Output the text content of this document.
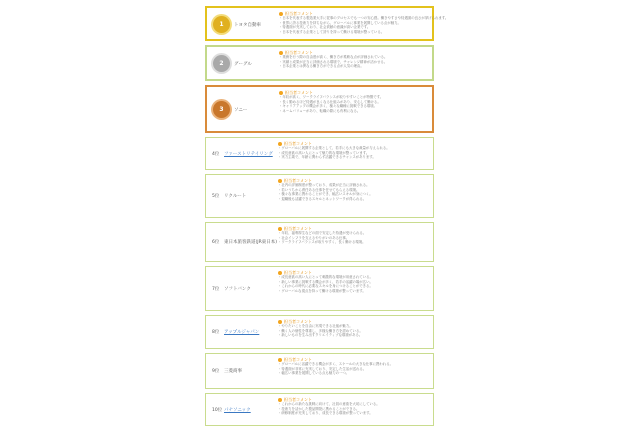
1	トヨタ自動車
担当者コメント
・日本を代表する製造業大手に従事のプロセスでも一つの安心感。働きやすさや待遇面の良さが挙げられます。
・世界に誇る技術力を持ちながら、グローバルに事業を展開している点が魅力。
・待遇面が充実しており、社会貢献の意識が高い企業です。
・日本を代表する企業として誇りを持って働ける環境が整っている。
2	グーグル
担当者コメント
・業務を行う際の自由度が高く、働き方が柔軟な点が評価されている。
・実績と成果が正当に評価される環境で、チャレンジ精神が活かせる。
・日本企業とは異なる働き方ができる点が人気の理由。
3	ソニー
担当者コメント
・年収が高く、ワークライフバランスが取りやすいことが特徴です。
・長く勤めるほど待遇が良くなる仕組みがあり、安心して働ける。
・キャリアアップの機会が多く、様々な職種に挑戦できる環境。
・ネームバリューがあり、転職の際にも有利になる。
4位 ファーストリテイリング
担当者コメント
・グローバルに展開する企業として、若手にも大きな裁量が与えられる。
・成長意欲の高い人にとって魅力的な環境が整っています。
・実力主義で、年齢に関わらず活躍できるチャンスがあります。
5位 リクルート
担当者コメント
・社内の評価制度が整っており、成果が正当に評価される。
・若いうちから責任ある仕事を任せてもらえる環境。
・様々な事業に携わることができ、幅広いスキルが身につく。
・退職後も活躍できるスキルとネットワークが得られる。
6位 東日本旅客鉄道(JR東日本)
担当者コメント
・年収、福利厚生などの面で安定した待遇が受けられる。
・社会インフラを支えるやりがいのある仕事。
・ワークライフバランスが取りやすく、長く働ける環境。
7位 ソフトバンク
担当者コメント
・成長意欲の高い人にとって刺激的な環境が用意されている。
・新しい事業に挑戦する機会が多く、若手の活躍の場が広い。
・これからの時代に必要なスキルを身につけることができる。
・グローバルな視点を持って働ける環境が整っています。
8位 アップルジャパン
担当者コメント
・やりたいことを自由に実現できる社風が魅力。
・働く人の個性を尊重し、多様な働き方を認めている。
・新しいものを生み出すクリエイティブな環境がある。
9位 三菱商事
担当者コメント
・グローバルに活躍できる機会が多く、スケールの大きな仕事に携われる。
・待遇面が非常に充実しており、安定した生活が送れる。
・幅広い事業を展開している点も魅力の一つ。
10位 パナソニック
担当者コメント
・これからの新たな挑戦に向けて、社員の意欲を大切にしている。
・技術力を活かした製品開発に携わることができる。
・研修制度が充実しており、成長できる環境が整っています。
